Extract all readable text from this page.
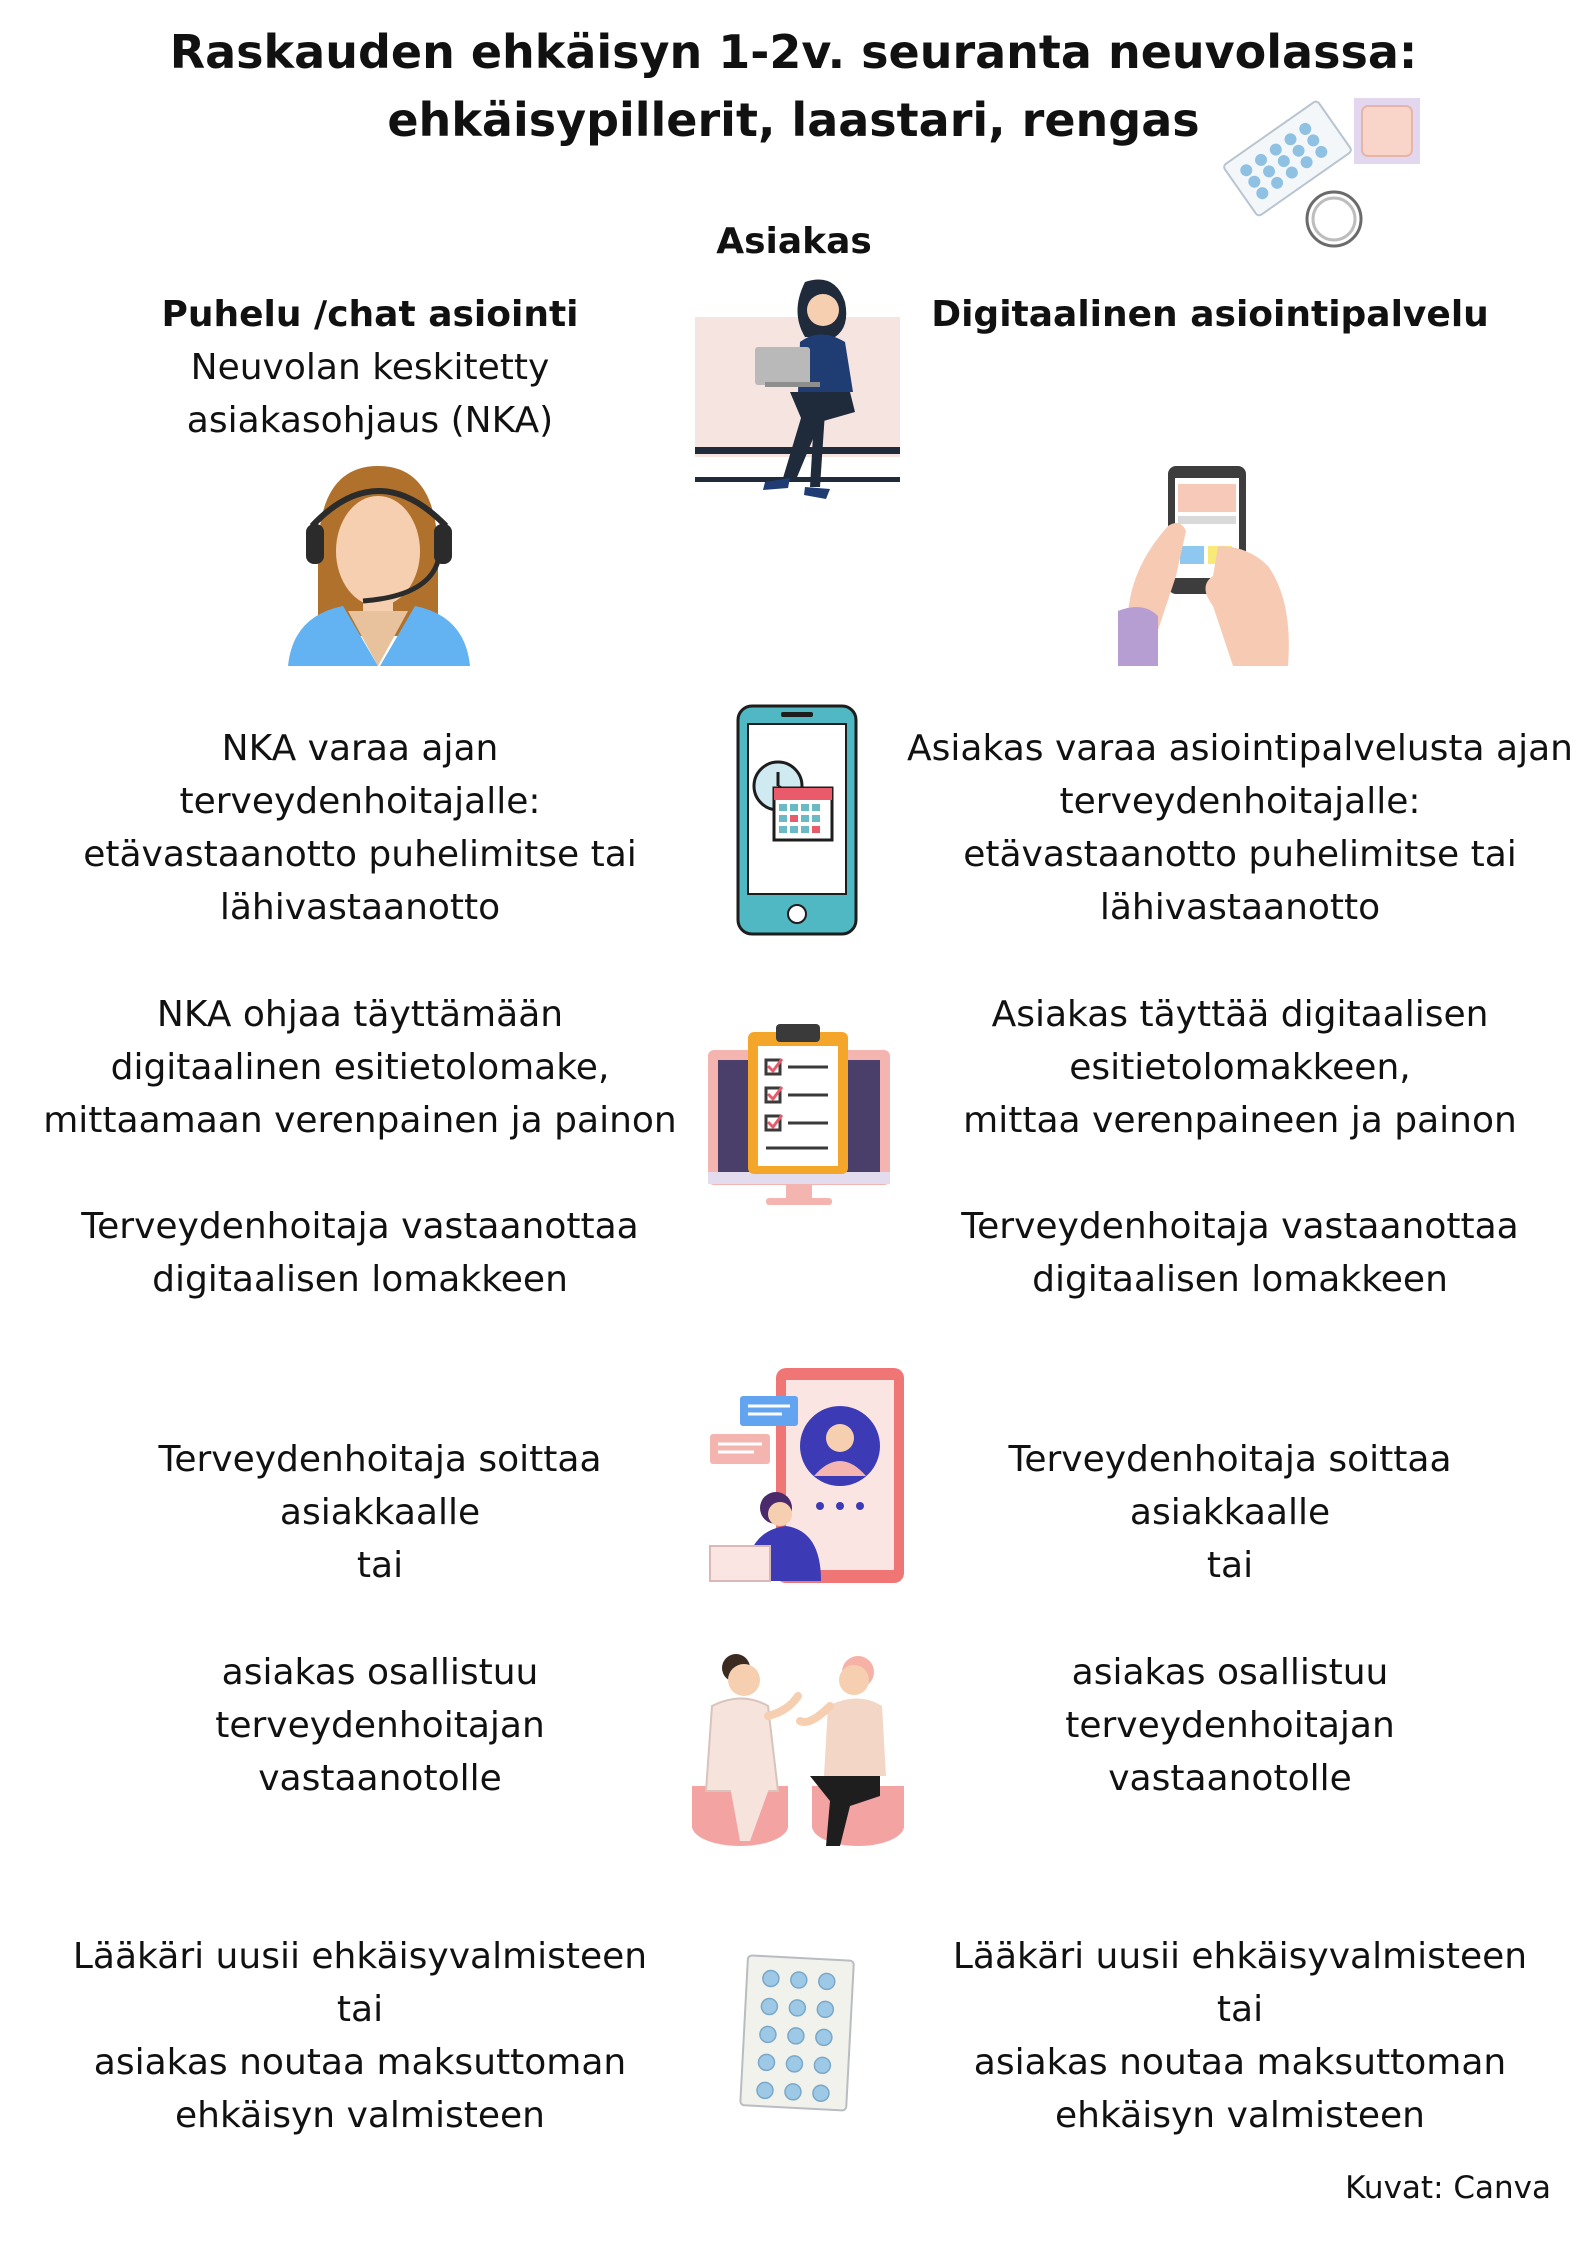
Raskauden ehkäisyn 1-2v. seuranta neuvolassa:
ehkäisypillerit, laastari, rengas
Asiakas
Puhelu /chat asiointi
Neuvolan keskitetty
asiakasohjaus (NKA)
Digitaalinen asiointipalvelu
NKA varaa ajan
terveydenhoitajalle:
etävastaanotto puhelimitse tai
lähivastaanotto
Asiakas varaa asiointipalvelusta ajan
terveydenhoitajalle:
etävastaanotto puhelimitse tai
lähivastaanotto
NKA ohjaa täyttämään
digitaalinen esitietolomake,
mittaamaan verenpainen ja painon
Asiakas täyttää digitaalisen
esitietolomakkeen,
mittaa verenpaineen ja painon
Terveydenhoitaja vastaanottaa
digitaalisen lomakkeen
Terveydenhoitaja vastaanottaa
digitaalisen lomakkeen
Terveydenhoitaja soittaa
asiakkaalle
tai
Terveydenhoitaja soittaa
asiakkaalle
tai
asiakas osallistuu
terveydenhoitajan
vastaanotolle
asiakas osallistuu
terveydenhoitajan
vastaanotolle
Lääkäri uusii ehkäisyvalmisteen
tai
asiakas noutaa maksuttoman
ehkäisyn valmisteen
Lääkäri uusii ehkäisyvalmisteen
tai
asiakas noutaa maksuttoman
ehkäisyn valmisteen
Kuvat: Canva
